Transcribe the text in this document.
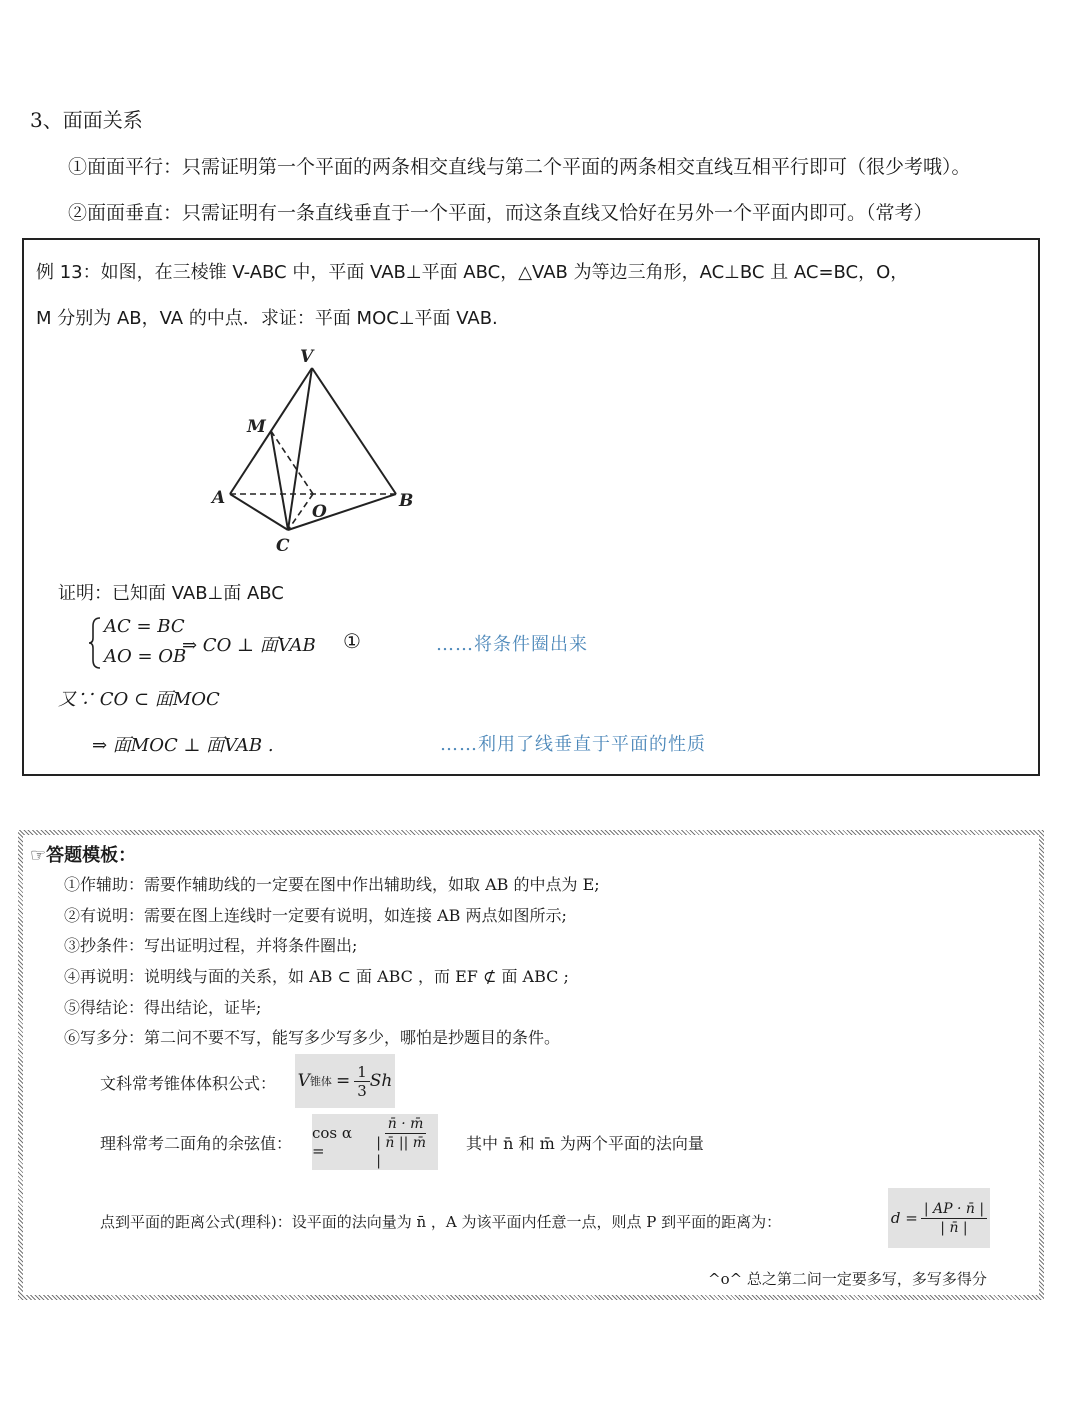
3、面面关系
①面面平行：只需证明第一个平面的两条相交直线与第二个平面的两条相交直线互相平行即可（很少考哦）。
②面面垂直：只需证明有一条直线垂直于一个平面，而这条直线又恰好在另外一个平面内即可。（常考）
例 13：如图，在三棱锥 V-ABC 中，平面 VAB⊥平面 ABC，△VAB 为等边三角形，AC⊥BC 且 AC=BC，O，
M 分别为 AB，VA 的中点．求证：平面 MOC⊥平面 VAB.
V
M
A	B
O
C
证明：已知面 VAB⊥面 ABC
AC = BC
AO = OB
⇒ CO ⊥ 面VAB ①	……将条件圈出来
又∵ CO ⊂ 面MOC
⇒ 面MOC ⊥ 面VAB .	……利用了线垂直于平面的性质
☞答题模板：
①作辅助：需要作辅助线的一定要在图中作出辅助线，如取 AB 的中点为 E;
②有说明：需要在图上连线时一定要有说明，如连接 AB 两点如图所示;
③抄条件：写出证明过程，并将条件圈出;
④再说明：说明线与面的关系，如 AB ⊂ 面 ABC ，而 EF ⊄ 面 ABC ;
⑤得结论：得出结论，证毕;
⑥写多分：第二问不要不写，能写多少写多少，哪怕是抄题目的条件。
文科常考锥体体积公式： V 锥体 = $\frac{1}{3}$ Sh
理科常考二面角的余弦值：
cos α =	$\frac{n̄ \cdot m̄}{| n̄ || m̄ |}$ 其中 n̄ 和 m̄ 为两个平面的法向量
点到平面的距离公式(理科)：设平面的法向量为 n̄ ，A 为该平面内任意一点，则点 P 到平面的距离为：	$d = \frac{| AP \cdot n̄ |}{| n̄ |}$
^o^ 总之第二问一定要多写，多写多得分
